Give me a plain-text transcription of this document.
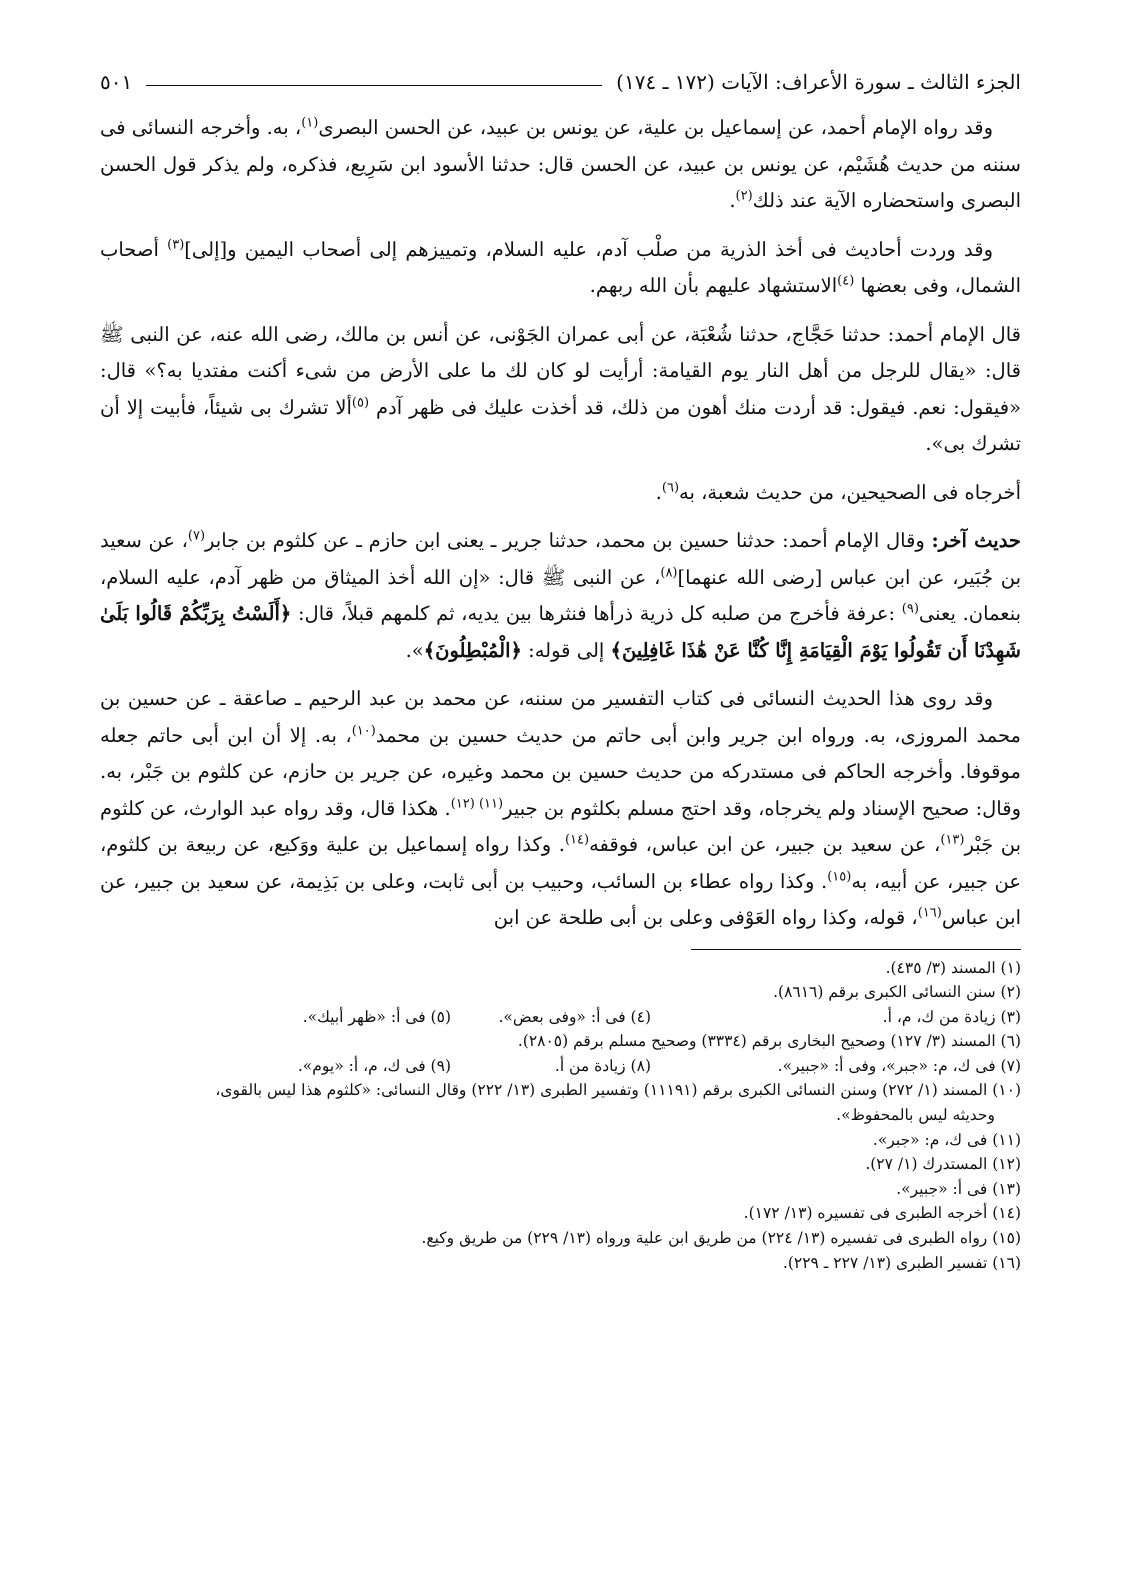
الجزء الثالث ـ سورة الأعراف: الآيات (١٧٢ ـ ١٧٤)
٥٠١

وقد رواه الإمام أحمد، عن إسماعيل بن علية، عن يونس بن عبيد، عن الحسن البصرى$^{(١)}$، به. وأخرجه النسائى فى سننه من حديث هُشَيْم، عن يونس بن عبيد، عن الحسن قال: حدثنا الأسود ابن سَرِيع، فذكره، ولم يذكر قول الحسن البصرى واستحضاره الآية عند ذلك$^{(٢)}$.

وقد وردت أحاديث فى أخذ الذرية من صلْب آدم، عليه السلام، وتمييزهم إلى أصحاب اليمين و[إلى]$^{(٣)}$ أصحاب الشمال، وفى بعضها $^{(٤)}$الاستشهاد عليهم بأن الله ربهم.

قال الإمام أحمد: حدثنا حَجَّاج، حدثنا شُعْبَة، عن أبى عمران الجَوْنى، عن أنس بن مالك، رضى الله عنه، عن النبى ﷺ قال: «يقال للرجل من أهل النار يوم القيامة: أرأيت لو كان لك ما على الأرض من شىء أكنت مفتديا به؟» قال: «فيقول: نعم. فيقول: قد أردت منك أهون من ذلك، قد أخذت عليك فى ظهر آدم $^{(٥)}$ألا تشرك بى شيئاً، فأبيت إلا أن تشرك بى».

أخرجاه فى الصحيحين، من حديث شعبة، به$^{(٦)}$.

حديث آخر: وقال الإمام أحمد: حدثنا حسين بن محمد، حدثنا جرير ـ يعنى ابن حازم ـ عن كلثوم بن جابر$^{(٧)}$، عن سعيد بن جُبَير، عن ابن عباس [رضى الله عنهما]$^{(٨)}$، عن النبى ﷺ قال: «إن الله أخذ الميثاق من ظهر آدم، عليه السلام، بنعمان. يعنى$^{(٩)}$ :عرفة فأخرج من صلبه كل ذرية ذرأها فنثرها بين يديه، ثم كلمهم قبلاً، قال: ﴿أَلَسْتُ بِرَبِّكُمْ قَالُوا بَلَىٰ شَهِدْنَا أَن تَقُولُوا يَوْمَ الْقِيَامَةِ إِنَّا كُنَّا عَنْ هَٰذَا غَافِلِينَ﴾ إلى قوله: ﴿الْمُبْطِلُونَ﴾».

وقد روى هذا الحديث النسائى فى كتاب التفسير من سننه، عن محمد بن عبد الرحيم ـ صاعقة ـ عن حسين بن محمد المروزى، به. ورواه ابن جرير وابن أبى حاتم من حديث حسين بن محمد$^{(١٠)}$، به. إلا أن ابن أبى حاتم جعله موقوفا. وأخرجه الحاكم فى مستدركه من حديث حسين بن محمد وغيره، عن جرير بن حازم، عن كلثوم بن جَبْر، به. وقال: صحيح الإسناد ولم يخرجاه، وقد احتج مسلم بكلثوم بن جبير$^{(١١) (١٢)}$. هكذا قال، وقد رواه عبد الوارث، عن كلثوم بن جَبْر$^{(١٣)}$، عن سعيد بن جبير، عن ابن عباس، فوقفه$^{(١٤)}$. وكذا رواه إسماعيل بن علية ووَكيع، عن ربيعة بن كلثوم، عن جبير، عن أبيه، به$^{(١٥)}$. وكذا رواه عطاء بن السائب، وحبيب بن أبى ثابت، وعلى بن بَذِيمة، عن سعيد بن جبير، عن ابن عباس$^{(١٦)}$، قوله، وكذا رواه العَوْفى وعلى بن أبى طلحة عن ابن

(١) المسند (٣/ ٤٣٥).
(٢) سنن النسائى الكبرى برقم (٨٦١٦).
(٣) زيادة من ك، م، أ.
(٤) فى أ: «وفى بعض».
(٥) فى أ: «ظهر أبيك».
(٦) المسند (٣/ ١٢٧) وصحيح البخارى برقم (٣٣٣٤) وصحيح مسلم برقم (٢٨٠٥).
(٧) فى ك، م: «جبر»، وفى أ: «جبير».
(٨) زيادة من أ.
(٩) فى ك، م، أ: «يوم».
(١٠) المسند (١/ ٢٧٢) وسنن النسائى الكبرى برقم (١١١٩١) وتفسير الطبرى (١٣/ ٢٢٢) وقال النسائى: «كلثوم هذا ليس بالقوى،
وحديثه ليس بالمحفوظ».
(١١) فى ك، م: «جبر».
(١٢) المستدرك (١/ ٢٧).
(١٣) فى أ: «جبير».
(١٤) أخرجه الطبرى فى تفسيره (١٣/ ١٧٢).
(١٥) رواه الطبرى فى تفسيره (١٣/ ٢٢٤) من طريق ابن علية ورواه (١٣/ ٢٢٩) من طريق وكيع.
(١٦) تفسير الطبرى (١٣/ ٢٢٧ ـ ٢٢٩).
